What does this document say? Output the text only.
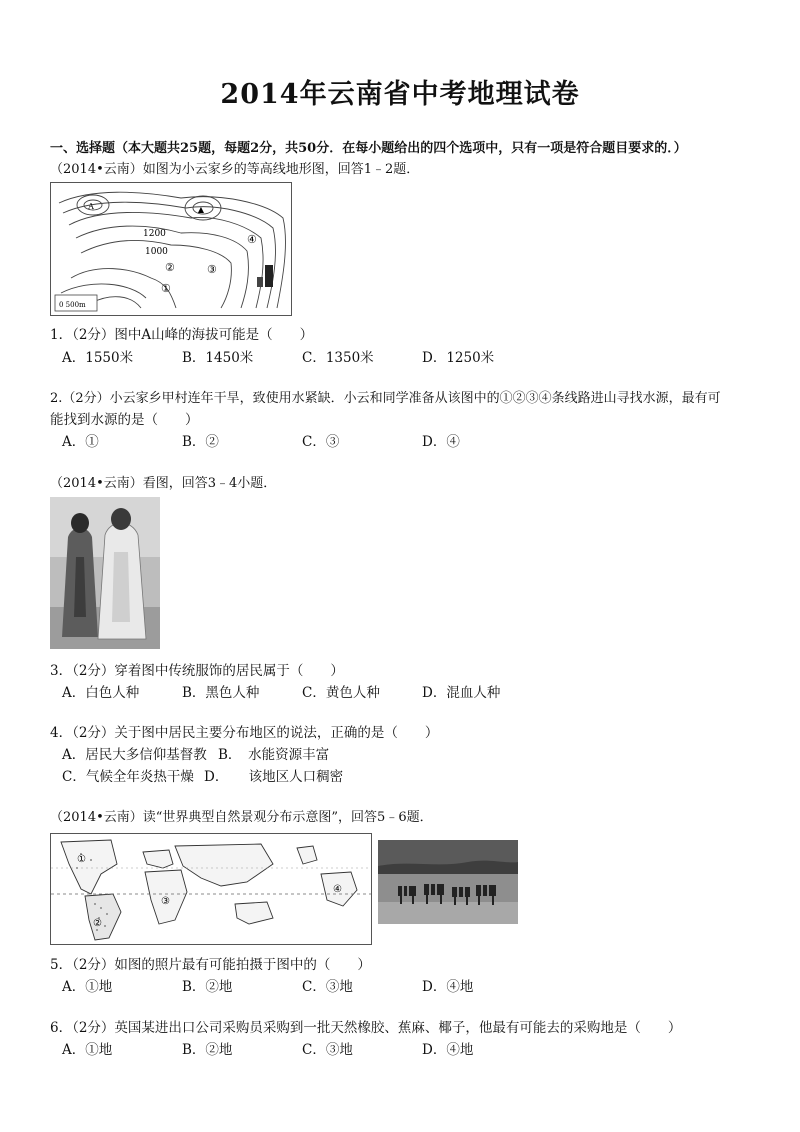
2014年云南省中考地理试卷
一、选择题（本大题共25题，每题2分，共50分．在每小题给出的四个选项中，只有一项是符合题目要求的．）
（2014•云南）如图为小云家乡的等高线地形图，回答1﹣2题．
A	▲
1200
1000
①
②	③
④
0 500m
1．（2分）图中A山峰的海拔可能是（　　）
A．1550米	B．1450米	C．1350米	D．1250米
2.（2分）小云家乡甲村连年干旱，致使用水紧缺．小云和同学准备从该图中的①②③④条线路进山寻找水源，最有可
能找到水源的是（　　）
A．①	B．②	C．③	D．④
（2014•云南）看图，回答3﹣4小题．
3．（2分）穿着图中传统服饰的居民属于（　　）
A．白色人种	B．黑色人种	C．黄色人种	D．混血人种
4．（2分）关于图中居民主要分布地区的说法，正确的是（　　）
A．居民大多信仰基督教 B．　水能资源丰富
C．气候全年炎热干燥 D．　　该地区人口稠密
（2014•云南）读“世界典型自然景观分布示意图”，回答5﹣6题．
①
②
③
④
5．（2分）如图的照片最有可能拍摄于图中的（　　）
A．①地	B．②地	C．③地	D．④地
6．（2分）英国某进出口公司采购员采购到一批天然橡胶、蕉麻、椰子，他最有可能去的采购地是（　　）
A．①地	B．②地	C．③地	D．④地
